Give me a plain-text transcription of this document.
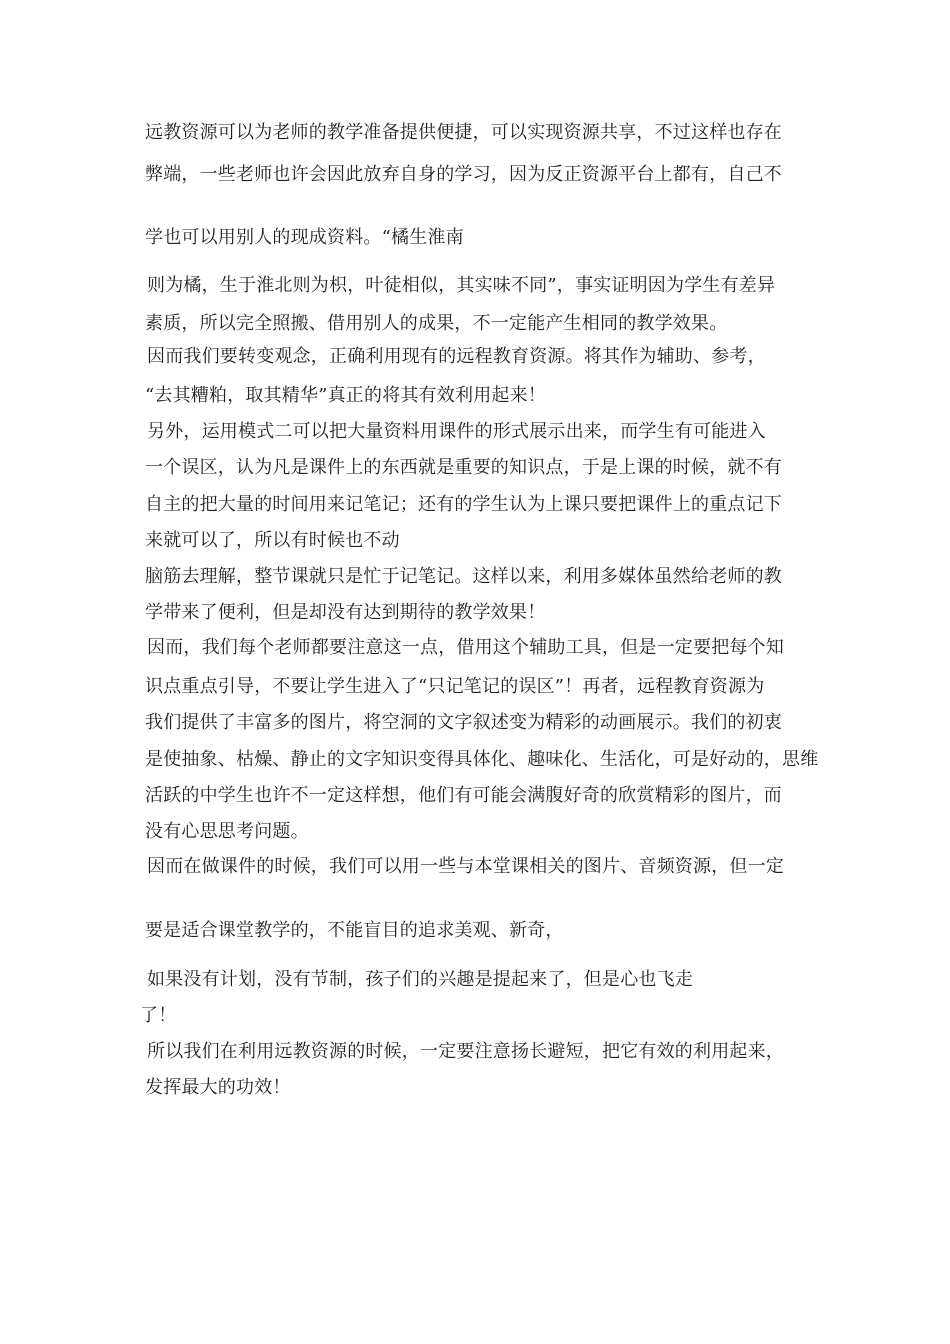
远教资源可以为老师的教学准备提供便捷，可以实现资源共享，不过这样也存在
弊端，一些老师也许会因此放弃自身的学习，因为反正资源平台上都有，自己不
学也可以用别人的现成资料。“橘生淮南
则为橘，生于淮北则为枳，叶徒相似，其实味不同”，事实证明因为学生有差异
素质，所以完全照搬、借用别人的成果，不一定能产生相同的教学效果。
因而我们要转变观念，正确利用现有的远程教育资源。将其作为辅助、参考，
“去其糟粕，取其精华”真正的将其有效利用起来！
另外，运用模式二可以把大量资料用课件的形式展示出来，而学生有可能进入
一个误区，认为凡是课件上的东西就是重要的知识点，于是上课的时候，就不有
自主的把大量的时间用来记笔记；还有的学生认为上课只要把课件上的重点记下
来就可以了，所以有时候也不动
脑筋去理解，整节课就只是忙于记笔记。这样以来，利用多媒体虽然给老师的教
学带来了便利，但是却没有达到期待的教学效果！
因而，我们每个老师都要注意这一点，借用这个辅助工具，但是一定要把每个知
识点重点引导，不要让学生进入了“只记笔记的误区”！再者，远程教育资源为
我们提供了丰富多的图片，将空洞的文字叙述变为精彩的动画展示。我们的初衷
是使抽象、枯燥、静止的文字知识变得具体化、趣味化、生活化，可是好动的，思维
活跃的中学生也许不一定这样想，他们有可能会满腹好奇的欣赏精彩的图片，而
没有心思思考问题。
因而在做课件的时候，我们可以用一些与本堂课相关的图片、音频资源，但一定
要是适合课堂教学的，不能盲目的追求美观、新奇，
如果没有计划，没有节制，孩子们的兴趣是提起来了，但是心也飞走
了！
所以我们在利用远教资源的时候，一定要注意扬长避短，把它有效的利用起来，
发挥最大的功效！
